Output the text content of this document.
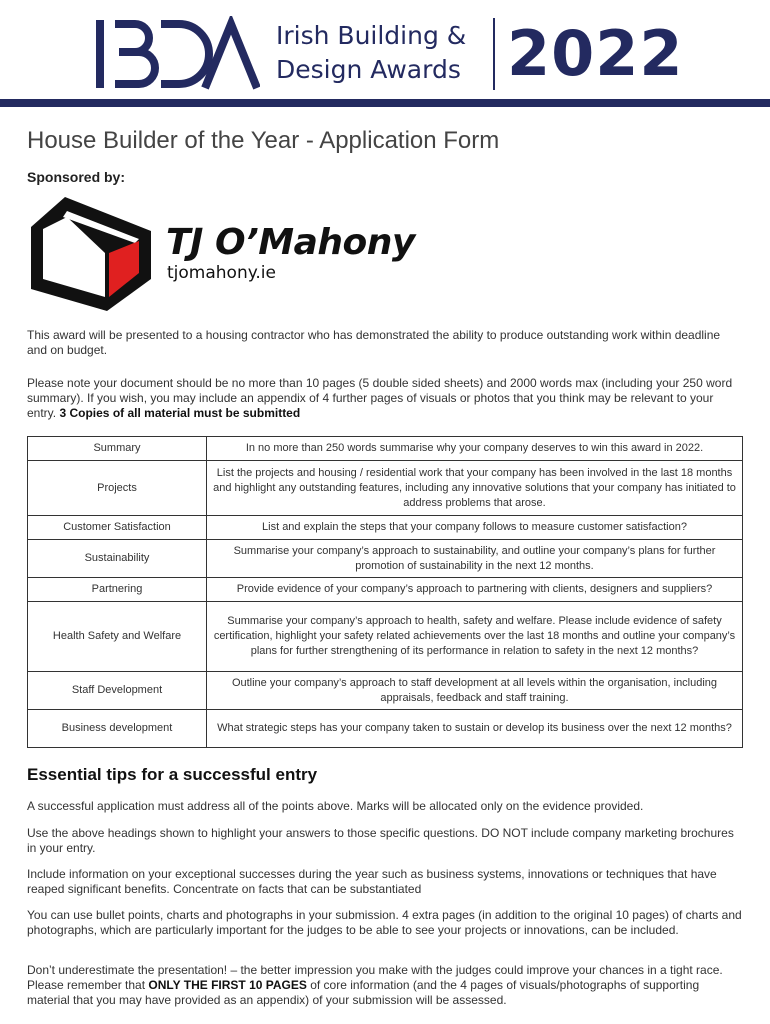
Irish Building &
Design Awards 2022
House Builder of the Year - Application Form
Sponsored by:
TJ O’Mahony
tjomahony.ie

This award will be presented to a housing contractor who has demonstrated the ability to produce outstanding work within deadline and on budget.

Please note your document should be no more than 10 pages (5 double sided sheets) and 2000 words max (including your 250 word summary). If you wish, you may include an appendix of 4 further pages of visuals or photos that you think may be relevant to your entry. 3 Copies of all material must be submitted

Summary	In no more than 250 words summarise why your company deserves to win this award in 2022.
Projects	List the projects and housing / residential work that your company has been involved in the last 18 months and highlight any outstanding features, including any innovative solutions that your company has initiated to address problems that arose.
Customer Satisfaction	List and explain the steps that your company follows to measure customer satisfaction?
Sustainability	Summarise your company’s approach to sustainability, and outline your company’s plans for further promotion of sustainability in the next 12 months.
Partnering	Provide evidence of your company’s approach to partnering with clients, designers and suppliers?
Health Safety and Welfare	Summarise your company’s approach to health, safety and welfare. Please include evidence of safety certification, highlight your safety related achievements over the last 18 months and outline your company’s plans for further strengthening of its performance in relation to safety in the next 12 months?
Staff Development	Outline your company’s approach to staff development at all levels within the organisation, including appraisals, feedback and staff training.
Business development	What strategic steps has your company taken to sustain or develop its business over the next 12 months?
Essential tips for a successful entry

A successful application must address all of the points above. Marks will be allocated only on the evidence provided.

Use the above headings shown to highlight your answers to those specific questions. DO NOT include company marketing brochures in your entry.

Include information on your exceptional successes during the year such as business systems, innovations or techniques that have reaped significant benefits. Concentrate on facts that can be substantiated

You can use bullet points, charts and photographs in your submission. 4 extra pages (in addition to the original 10 pages) of charts and photographs, which are particularly important for the judges to be able to see your projects or innovations, can be included.

Don’t underestimate the presentation! – the better impression you make with the judges could improve your chances in a tight race. Please remember that ONLY THE FIRST 10 PAGES of core information (and the 4 pages of visuals/photographs of supporting material that you may have provided as an appendix) of your submission will be assessed.
